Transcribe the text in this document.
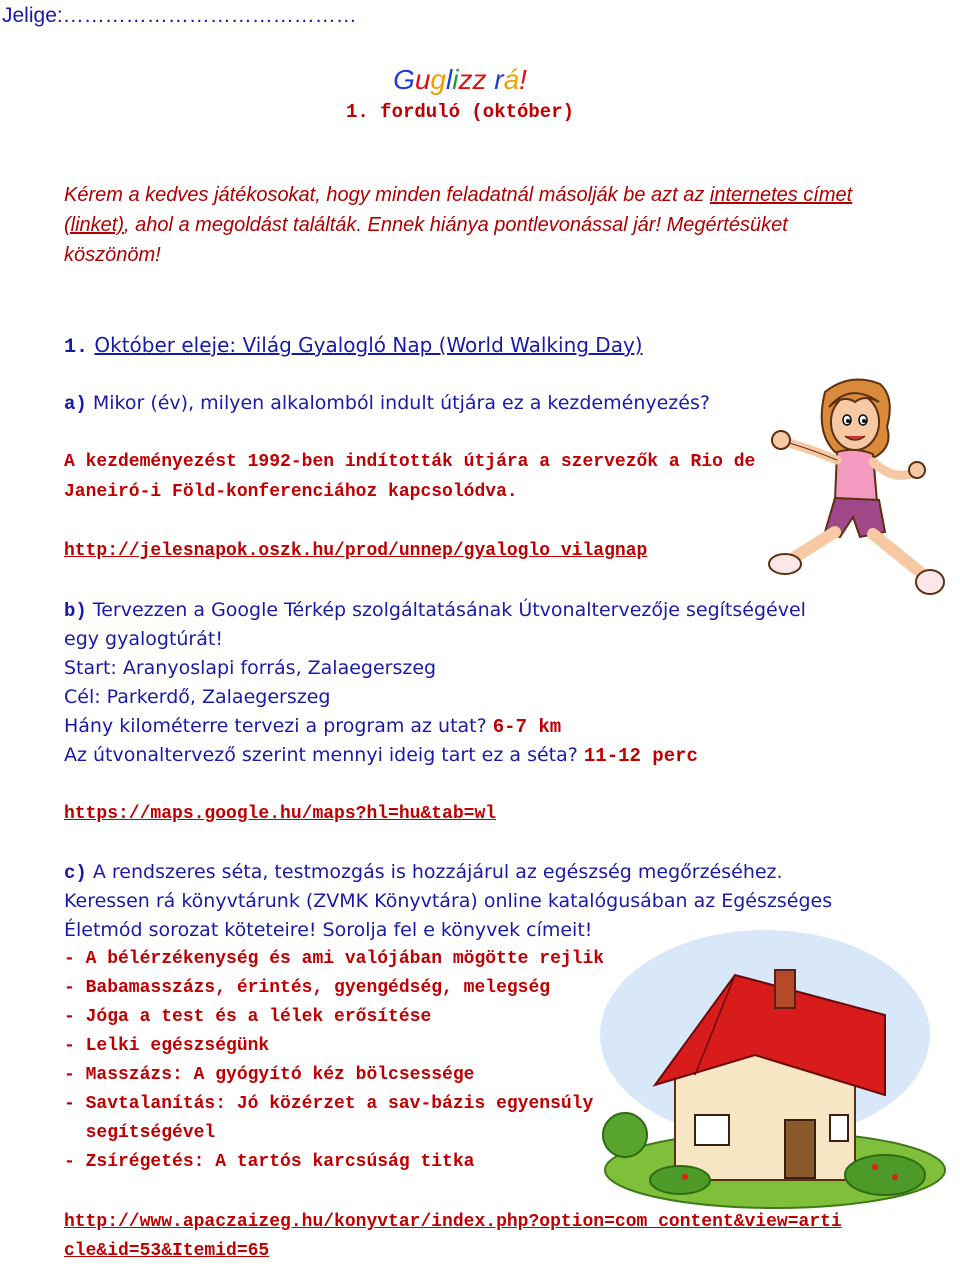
Jelige:……………………………………
Guglizz rá!
1. forduló (október)
Kérem a kedves játékosokat, hogy minden feladatnál másolják be azt az internetes címet (linket), ahol a megoldást találták. Ennek hiánya pontlevonással jár! Megértésüket köszönöm!
1. Október eleje: Világ Gyalogló Nap (World Walking Day)
a) Mikor (év), milyen alkalomból indult útjára ez a kezdeményezés?
A kezdeményezést 1992-ben indították útjára a szervezők a Rio de
Janeiró-i Föld-konferenciához kapcsolódva.
http://jelesnapok.oszk.hu/prod/unnep/gyaloglo_vilagnap
b) Tervezzen a Google Térkép szolgáltatásának Útvonaltervezője segítségével
egy gyalogtúrát!
Start: Aranyoslapi forrás, Zalaegerszeg
Cél: Parkerdő, Zalaegerszeg
Hány kilométerre tervezi a program az utat? 6-7 km
Az útvonaltervező szerint mennyi ideig tart ez a séta? 11-12 perc
https://maps.google.hu/maps?hl=hu&tab=wl
c) A rendszeres séta, testmozgás is hozzájárul az egészség megőrzéséhez.
Keressen rá könyvtárunk (ZVMK Könyvtára) online katalógusában az Egészséges
Életmód sorozat köteteire! Sorolja fel e könyvek címeit!
- A bélérzékenység és ami valójában mögötte rejlik
- Babamasszázs, érintés, gyengédség, melegség
- Jóga a test és a lélek erősítése
- Lelki egészségünk
- Masszázs: A gyógyító kéz bölcsessége
- Savtalanítás: Jó közérzet a sav-bázis egyensúly
segítségével
- Zsírégetés: A tartós karcsúság titka
http://www.apaczaizeg.hu/konyvtar/index.php?option=com_content&view=arti
cle&id=53&Itemid=65
